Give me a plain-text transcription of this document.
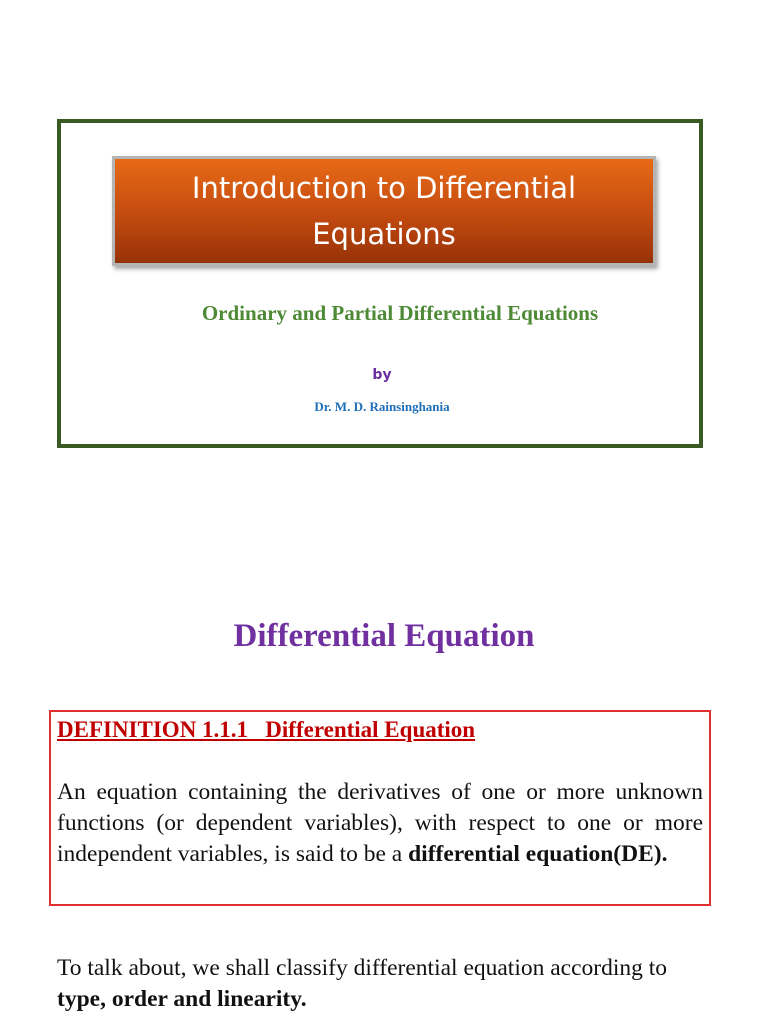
Introduction to Differential Equations
Ordinary and Partial Differential Equations
by
Dr. M. D. Rainsinghania
Differential Equation
DEFINITION 1.1.1   Differential Equation
An equation containing the derivatives of one or more unknown functions (or dependent variables), with respect to one or more independent variables, is said to be a differential equation(DE).
To talk about, we shall classify differential equation according to type, order and linearity.
